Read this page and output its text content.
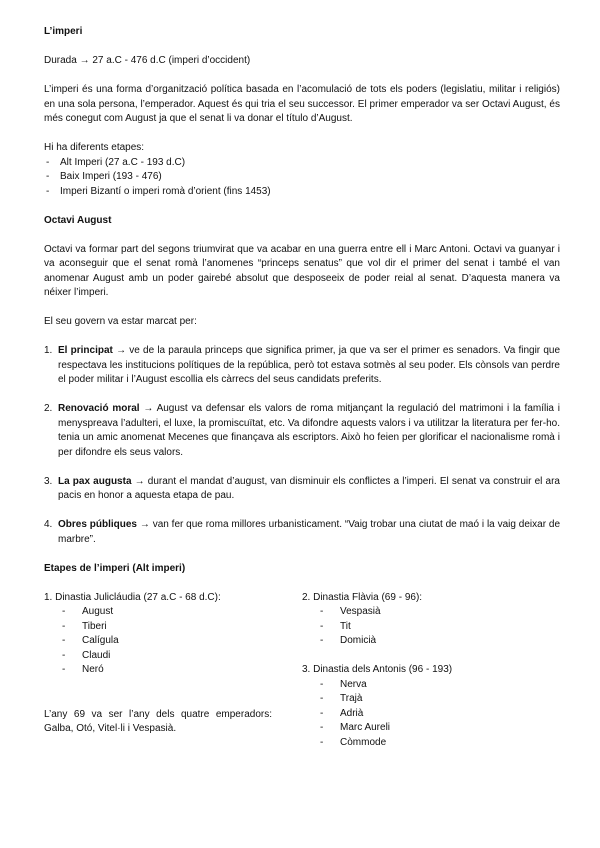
L’imperi

Durada → 27 a.C - 476 d.C (imperi d’occident)

L’imperi és una forma d’organització política basada en l’acomulació de tots els poders (legislatiu, militar i religiós) en una sola persona, l’emperador. Aquest és qui tria el seu successor. El primer emperador va ser Octavi August, és més conegut com August ja que el senat li va donar el título d’August.

Hi ha diferents etapes:

- Alt Imperi (27 a.C - 193 d.C)
- Baix Imperi (193 - 476)
- Imperi Bizantí o imperi romà d’orient (fins 1453)
Octavi August

Octavi va formar part del segons triumvirat que va acabar en una guerra entre ell i Marc Antoni. Octavi va guanyar i va aconseguir que el senat romà l’anomenes “princeps senatus” que vol dir el primer del senat i també el van anomenar August amb un poder gairebé absolut que desposeeix de poder reial al senat. D’aquesta manera va néixer l’imperi.

El seu govern va estar marcat per:

1. El principat → ve de la paraula princeps que significa primer, ja que va ser el primer es senadors. Va fingir que respectava les institucions polítiques de la república, però tot estava sotmès al seu poder. Els cònsols van perdre el poder militar i l’August escollia els càrrecs del seus candidats preferits.
2. Renovació moral → August va defensar els valors de roma mitjançant la regulació del matrimoni i la família i menyspreava l’adulteri, el luxe, la promiscuïtat, etc. Va difondre aquests valors i va utilitzar la literatura per fer-ho. tenia un amic anomenat Mecenes que finançava als escriptors. Això ho feien per glorificar el nacionalisme romà i per difondre els seus valors.
3. La pax augusta → durant el mandat d’august, van disminuir els conflictes a l’imperi. El senat va construir el ara pacis en honor a aquesta etapa de pau.
4. Obres públiques → van fer que roma millores urbanisticament. “Vaig trobar una ciutat de maó i la vaig deixar de marbre”.
Etapes de l’imperi (Alt imperi)
1. Dinastia Julicláudia (27 a.C - 68 d.C):
- August
- Tiberi
- Calígula
- Claudi
- Neró

L’any 69 va ser l’any dels quatre emperadors: Galba, Otó, Vitel·li i Vespasià.

2. Dinastia Flàvia (69 - 96):
- Vespasià
- Tit
- Domicià
3. Dinastia dels Antonis (96 - 193)
- Nerva
- Trajà
- Adrià
- Marc Aureli
- Còmmode
